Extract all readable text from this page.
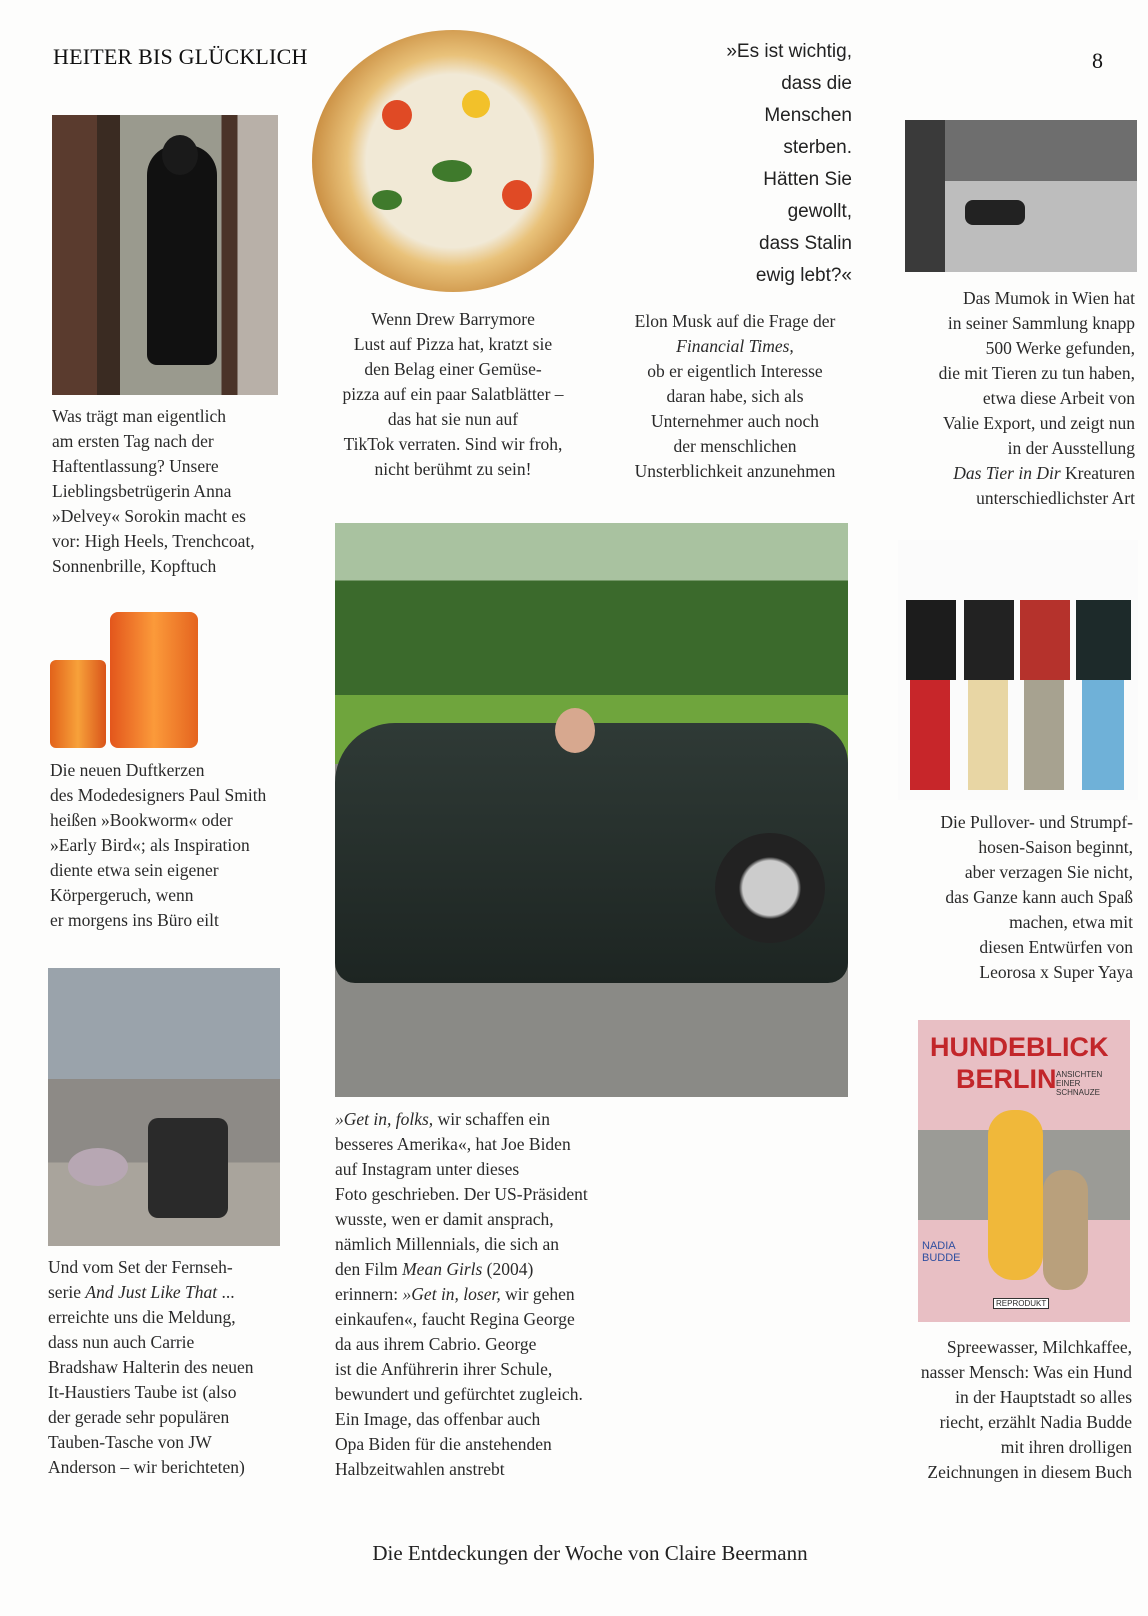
HEITER BIS GLÜCKLICH	8
Was trägt man eigentlich
am ersten Tag nach der
Haftentlassung? Unsere
Lieblingsbetrügerin Anna
»Delvey« Sorokin macht es
vor: High Heels, Trenchcoat,
Sonnenbrille, Kopftuch
Die neuen Duftkerzen
des Modedesigners Paul Smith
heißen »Bookworm« oder
»Early Bird«; als Inspiration
diente etwa sein eigener
Körpergeruch, wenn
er morgens ins Büro eilt
Und vom Set der Fernseh-
serie And Just Like That ...
erreichte uns die Meldung,
dass nun auch Carrie
Bradshaw Halterin des neuen
It-Haustiers Taube ist (also
der gerade sehr populären
Tauben-Tasche von JW
Anderson – wir berichteten)
Wenn Drew Barrymore
Lust auf Pizza hat, kratzt sie
den Belag einer Gemüse-
pizza auf ein paar Salatblätter –
das hat sie nun auf
TikTok verraten. Sind wir froh,
nicht berühmt zu sein!
»Es ist wichtig,
dass die
Menschen
sterben.
Hätten Sie
gewollt,
dass Stalin
ewig lebt?«
Elon Musk auf die Frage der
Financial Times,
ob er eigentlich Interesse
daran habe, sich als
Unternehmer auch noch
der menschlichen
Unsterblichkeit anzunehmen
Das Mumok in Wien hat
in seiner Sammlung knapp
500 Werke gefunden,
die mit Tieren zu tun haben,
etwa diese Arbeit von
Valie Export, und zeigt nun
in der Ausstellung
Das Tier in Dir Kreaturen
unterschiedlichster Art
»Get in, folks, wir schaffen ein
besseres Amerika«, hat Joe Biden
auf Instagram unter dieses
Foto geschrieben. Der US-Präsident
wusste, wen er damit ansprach,
nämlich Millennials, die sich an
den Film Mean Girls (2004)
erinnern: »Get in, loser, wir gehen
einkaufen«, faucht Regina George
da aus ihrem Cabrio. George
ist die Anführerin ihrer Schule,
bewundert und gefürchtet zugleich.
Ein Image, das offenbar auch
Opa Biden für die anstehenden
Halbzeitwahlen anstrebt
Die Pullover- und Strumpf-
hosen-Saison beginnt,
aber verzagen Sie nicht,
das Ganze kann auch Spaß
machen, etwa mit
diesen Entwürfen von
Leorosa x Super Yaya
HUNDEBLICK
BERLIN ANSICHTEN EINER SCHNAUZE
NADIA BUDDE
REPRODUKT
Spreewasser, Milchkaffee,
nasser Mensch: Was ein Hund
in der Hauptstadt so alles
riecht, erzählt Nadia Budde
mit ihren drolligen
Zeichnungen in diesem Buch
Die Entdeckungen der Woche von Claire Beermann
